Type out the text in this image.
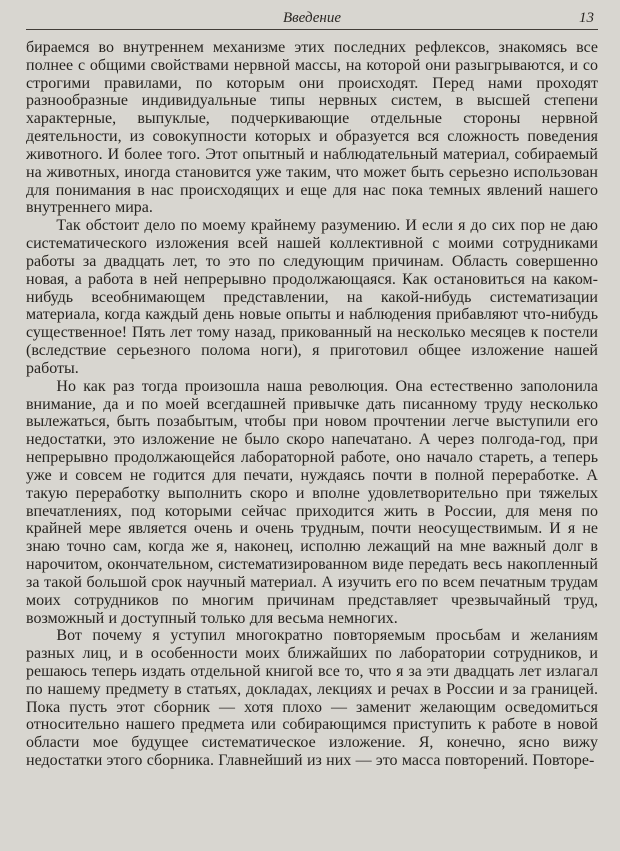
Введение	13

бираемся во внутреннем механизме этих последних рефлексов, знакомясь все полнее с общими свойствами нервной массы, на которой они разыгрываются, и со строгими правилами, по которым они происходят. Перед нами проходят разнообразные индивидуальные типы нервных систем, в высшей степени характерные, выпуклые, подчеркивающие отдельные стороны нервной деятельности, из совокупности которых и образуется вся сложность поведения животного. И более того. Этот опытный и наблюдательный материал, собираемый на животных, иногда становится уже таким, что может быть серьезно использован для понимания в нас происходящих и еще для нас пока темных явлений нашего внутреннего мира.

Так обстоит дело по моему крайнему разумению. И если я до сих пор не даю систематического изложения всей нашей коллективной с моими сотрудниками работы за двадцать лет, то это по следующим причинам. Область совершенно новая, а работа в ней непрерывно продолжающаяся. Как остановиться на каком-нибудь всеобнимающем представлении, на какой-нибудь систематизации материала, когда каждый день новые опыты и наблюдения прибавляют что-нибудь существенное! Пять лет тому назад, прикованный на несколько месяцев к постели (вследствие серьезного полома ноги), я приготовил общее изложение нашей работы.

Но как раз тогда произошла наша революция. Она естественно заполонила внимание, да и по моей всегдашней привычке дать писанному труду несколько вылежаться, быть позабытым, чтобы при новом прочтении легче выступили его недостатки, это изложение не было скоро напечатано. А через полгода-год, при непрерывно продолжающейся лабораторной работе, оно начало стареть, а теперь уже и совсем не годится для печати, нуждаясь почти в полной переработке. А такую переработку выполнить скоро и вполне удовлетворительно при тяжелых впечатлениях, под которыми сейчас приходится жить в России, для меня по крайней мере является очень и очень трудным, почти неосуществимым. И я не знаю точно сам, когда же я, наконец, исполню лежащий на мне важный долг в нарочитом, окончательном, систематизированном виде передать весь накопленный за такой большой срок научный материал. А изучить его по всем печатным трудам моих сотрудников по многим причинам представляет чрезвычайный труд, возможный и доступный только для весьма немногих.

Вот почему я уступил многократно повторяемым просьбам и желаниям разных лиц, и в особенности моих ближайших по лаборатории сотрудников, и решаюсь теперь издать отдельной книгой все то, что я за эти двадцать лет излагал по нашему предмету в статьях, докладах, лекциях и речах в России и за границей. Пока пусть этот сборник — хотя плохо — заменит желающим осведомиться относительно нашего предмета или собирающимся приступить к работе в новой области мое будущее систематическое изложение. Я, конечно, ясно вижу недостатки этого сборника. Главнейший из них — это масса повторений. Повторе-
